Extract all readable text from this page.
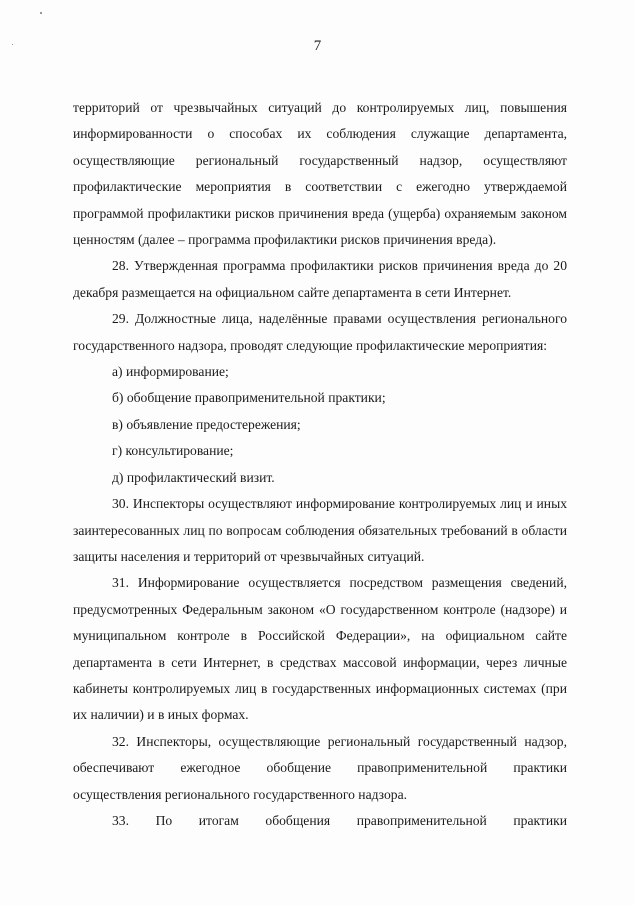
7

территорий от чрезвычайных ситуаций до контролируемых лиц, повышения информированности о способах их соблюдения служащие департамента, осуществляющие региональный государственный надзор, осуществляют профилактические мероприятия в соответствии с ежегодно утверждаемой программой профилактики рисков причинения вреда (ущерба) охраняемым законом ценностям (далее – программа профилактики рисков причинения вреда).

28. Утвержденная программа профилактики рисков причинения вреда до 20 декабря размещается на официальном сайте департамента в сети Интернет.

29. Должностные лица, наделённые правами осуществления регионального государственного надзора, проводят следующие профилактические мероприятия:

а) информирование;

б) обобщение правоприменительной практики;

в) объявление предостережения;

г) консультирование;

д) профилактический визит.

30. Инспекторы осуществляют информирование контролируемых лиц и иных заинтересованных лиц по вопросам соблюдения обязательных требований в области защиты населения и территорий от чрезвычайных ситуаций.

31. Информирование осуществляется посредством размещения сведений, предусмотренных Федеральным законом «О государственном контроле (надзоре) и муниципальном контроле в Российской Федерации», на официальном сайте департамента в сети Интернет, в средствах массовой информации, через личные кабинеты контролируемых лиц в государственных информационных системах (при их наличии) и в иных формах.

32. Инспекторы, осуществляющие региональный государственный надзор, обеспечивают ежегодное обобщение правоприменительной практики осуществления регионального государственного надзора.

33. По итогам обобщения правоприменительной практики
